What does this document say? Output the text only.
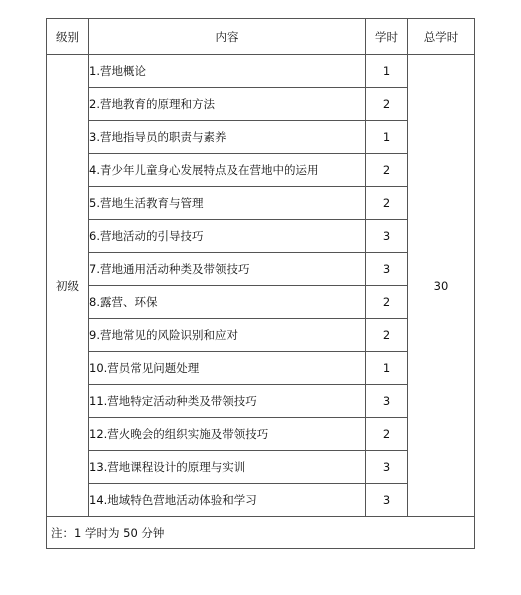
级别	内容	学时	总学时
初级	1.营地概论	1	30
	2.营地教育的原理和方法	2	
	3.营地指导员的职责与素养	1	
	4.青少年儿童身心发展特点及在营地中的运用	2	
	5.营地生活教育与管理	2	
	6.营地活动的引导技巧	3	
	7.营地通用活动种类及带领技巧	3	
	8.露营、环保	2	
	9.营地常见的风险识别和应对	2	
	10.营员常见问题处理	1	
	11.营地特定活动种类及带领技巧	3	
	12.营火晚会的组织实施及带领技巧	2	
	13.营地课程设计的原理与实训	3	
	14.地域特色营地活动体验和学习	3	
注：1 学时为 50 分钟			
